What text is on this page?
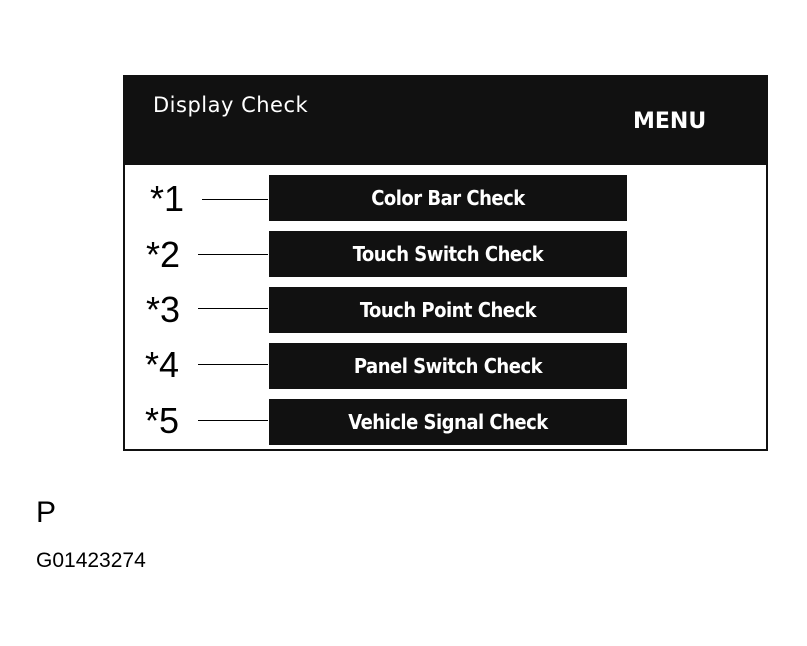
Display Check
MENU
Color Bar Check
Touch Switch Check
Touch Point Check
Panel Switch Check
Vehicle Signal Check
*1
*2
*3
*4
*5
P
G01423274
